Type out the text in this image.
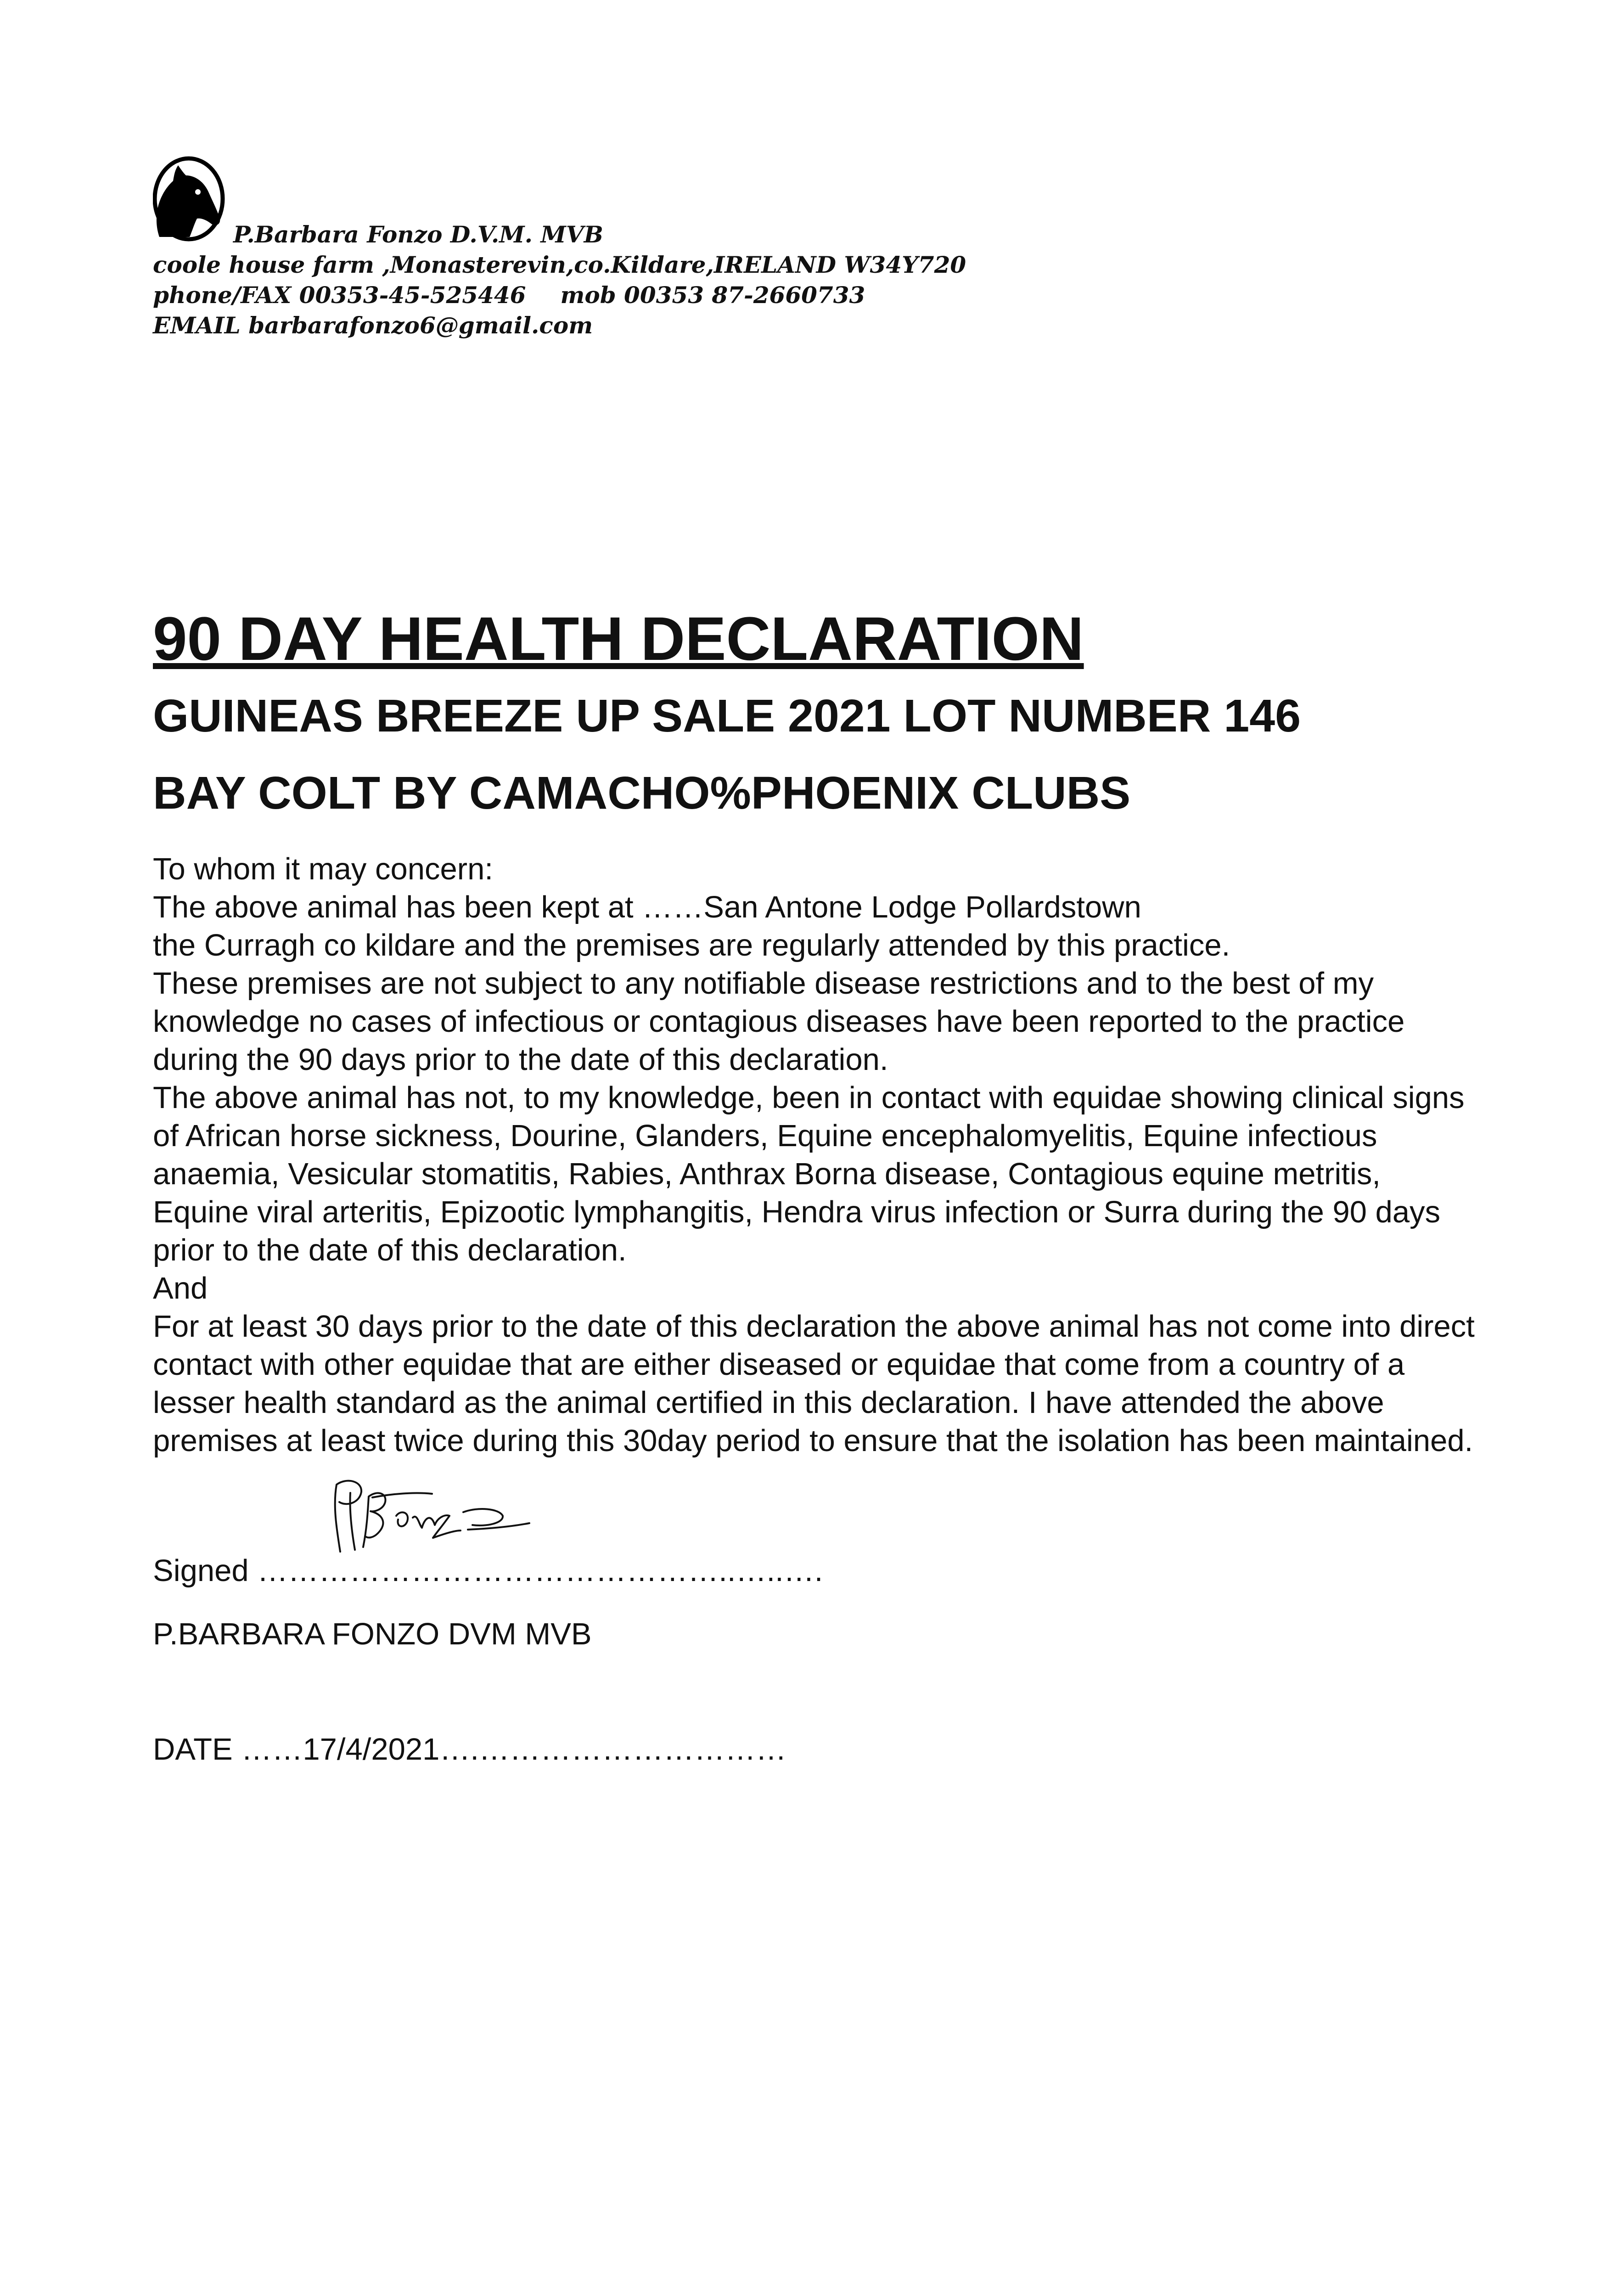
P.Barbara Fonzo D.V.M. MVB
coole house farm ,Monasterevin,co.Kildare,IRELAND W34Y720
phone/FAX 00353-45-525446 mob 00353 87-2660733
EMAIL barbarafonzo6@gmail.com
90 DAY HEALTH DECLARATION
GUINEAS BREEZE UP SALE 2021 LOT NUMBER 146
BAY COLT BY CAMACHO%PHOENIX CLUBS

To whom it may concern:

The above animal has been kept at ……San Antone Lodge Pollardstown

the Curragh co kildare and the premises are regularly attended by this practice.

These premises are not subject to any notifiable disease restrictions and to the best of my knowledge no cases of infectious or contagious diseases have been reported to the practice during the 90 days prior to the date of this declaration.

The above animal has not, to my knowledge, been in contact with equidae showing clinical signs of African horse sickness, Dourine, Glanders, Equine encephalomyelitis, Equine infectious anaemia, Vesicular stomatitis, Rabies, Anthrax Borna disease, Contagious equine metritis, Equine viral arteritis, Epizootic lymphangitis, Hendra virus infection or Surra during the 90 days prior to the date of this declaration.

And

For at least 30 days prior to the date of this declaration the above animal has not come into direct contact with other equidae that are either diseased or equidae that come from a country of a lesser health standard as the animal certified in this declaration. I have attended the above premises at least twice during this 30day period to ensure that the isolation has been maintained.

Signed ………………………………………..…..….
P.BARBARA FONZO DVM MVB
DATE ……17/4/2021….…………………………
